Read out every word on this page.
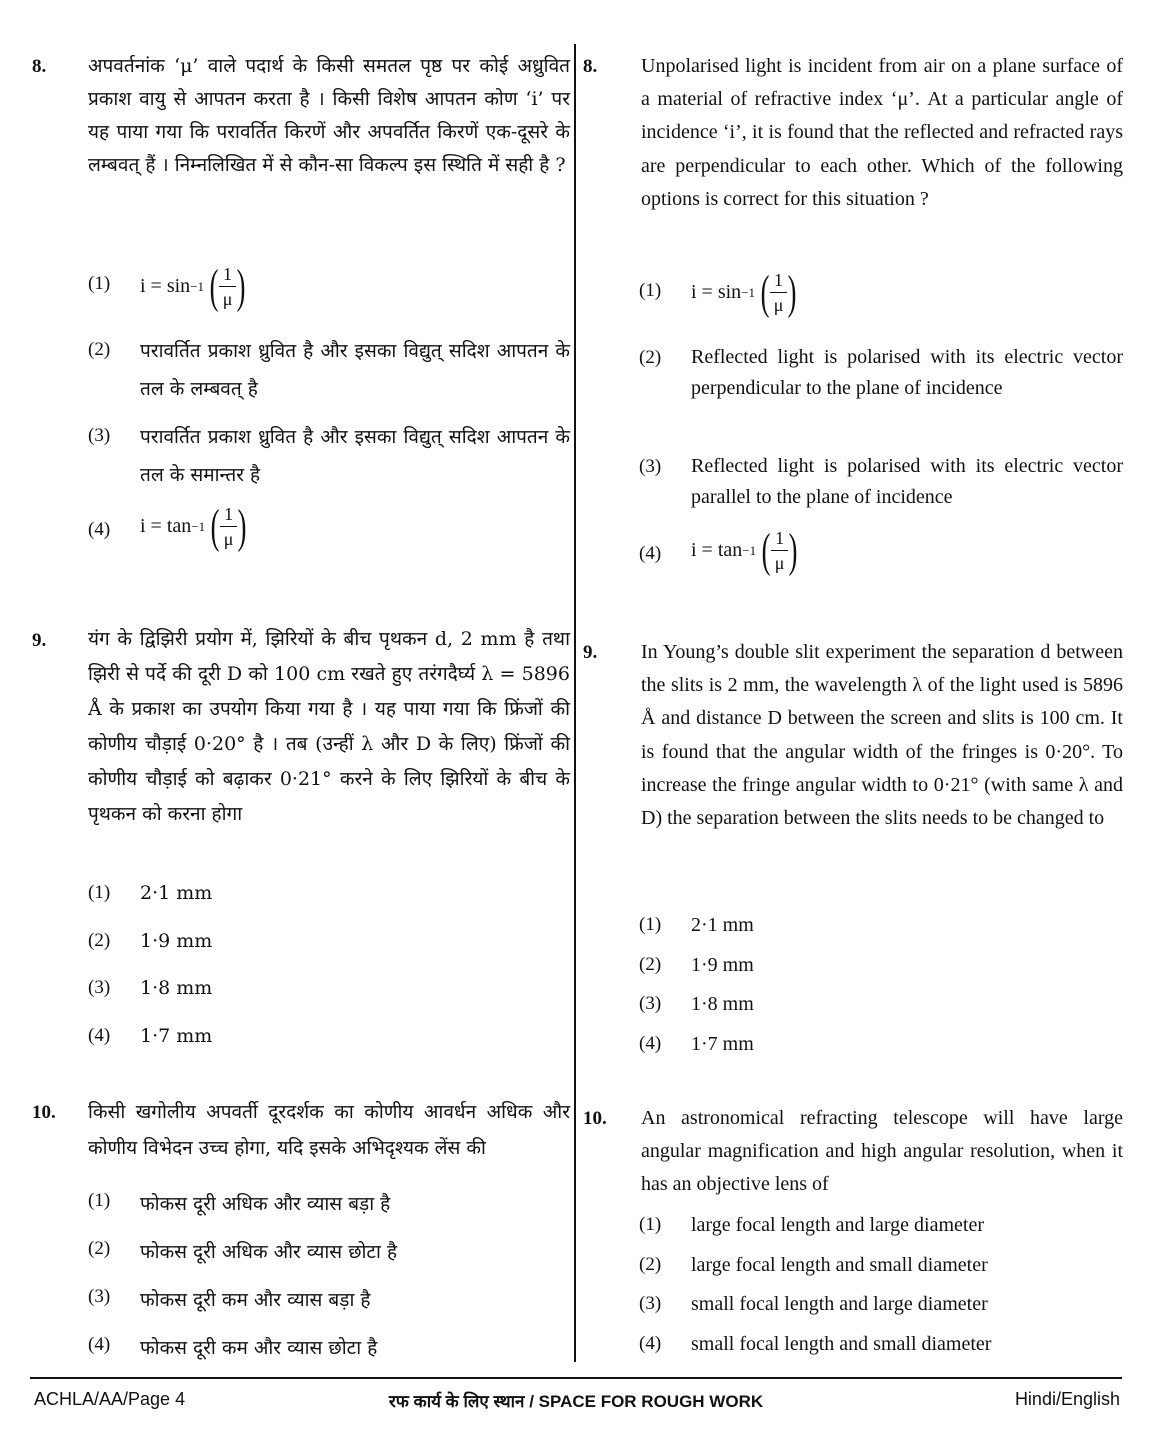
8. अपवर्तनांक ‘μ’ वाले पदार्थ के किसी समतल पृष्ठ पर कोई अध्रुवित प्रकाश वायु से आपतन करता है । किसी विशेष आपतन कोण ‘i’ पर यह पाया गया कि परावर्तित किरणें और अपवर्तित किरणें एक-दूसरे के लम्बवत् हैं । निम्नलिखित में से कौन-सा विकल्प इस स्थिति में सही है ?
(1) i = sin −1 ( $\frac{1}{\mu}$ )
(2) परावर्तित प्रकाश ध्रुवित है और इसका विद्युत् सदिश आपतन के तल के लम्बवत् है
(3) परावर्तित प्रकाश ध्रुवित है और इसका विद्युत् सदिश आपतन के तल के समान्तर है
(4) i = tan −1 ( $\frac{1}{\mu}$ )
9. यंग के द्विझिरी प्रयोग में, झिरियों के बीच पृथकन d, 2 mm है तथा झिरी से पर्दे की दूरी D को 100 cm रखते हुए तरंगदैर्घ्य λ = 5896 Å के प्रकाश का उपयोग किया गया है । यह पाया गया कि फ्रिंजों की कोणीय चौड़ाई 0·20° है । तब (उन्हीं λ और D के लिए) फ्रिंजों की कोणीय चौड़ाई को बढ़ाकर 0·21° करने के लिए झिरियों के बीच के पृथकन को करना होगा
(1) 2·1 mm
(2) 1·9 mm
(3) 1·8 mm
(4) 1·7 mm
10. किसी खगोलीय अपवर्ती दूरदर्शक का कोणीय आवर्धन अधिक और कोणीय विभेदन उच्च होगा, यदि इसके अभिदृश्यक लेंस की
(1) फोकस दूरी अधिक और व्यास बड़ा है
(2) फोकस दूरी अधिक और व्यास छोटा है
(3) फोकस दूरी कम और व्यास बड़ा है
(4) फोकस दूरी कम और व्यास छोटा है
8. Unpolarised light is incident from air on a plane surface of a material of refractive index ‘μ’. At a particular angle of incidence ‘i’, it is found that the reflected and refracted rays are perpendicular to each other. Which of the following options is correct for this situation ?
(1) i = sin −1 ( $\frac{1}{\mu}$ )
(2) Reflected light is polarised with its electric vector perpendicular to the plane of incidence
(3) Reflected light is polarised with its electric vector parallel to the plane of incidence
(4) i = tan −1 ( $\frac{1}{\mu}$ )
9. In Young’s double slit experiment the separation d between the slits is 2 mm, the wavelength λ of the light used is 5896 Å and distance D between the screen and slits is 100 cm. It is found that the angular width of the fringes is 0·20°. To increase the fringe angular width to 0·21° (with same λ and D) the separation between the slits needs to be changed to
(1) 2·1 mm
(2) 1·9 mm
(3) 1·8 mm
(4) 1·7 mm
10. An astronomical refracting telescope will have large angular magnification and high angular resolution, when it has an objective lens of
(1) large focal length and large diameter
(2) large focal length and small diameter
(3) small focal length and large diameter
(4) small focal length and small diameter
ACHLA/AA/Page 4	रफ कार्य के लिए स्थान / SPACE FOR ROUGH WORK	Hindi/English
